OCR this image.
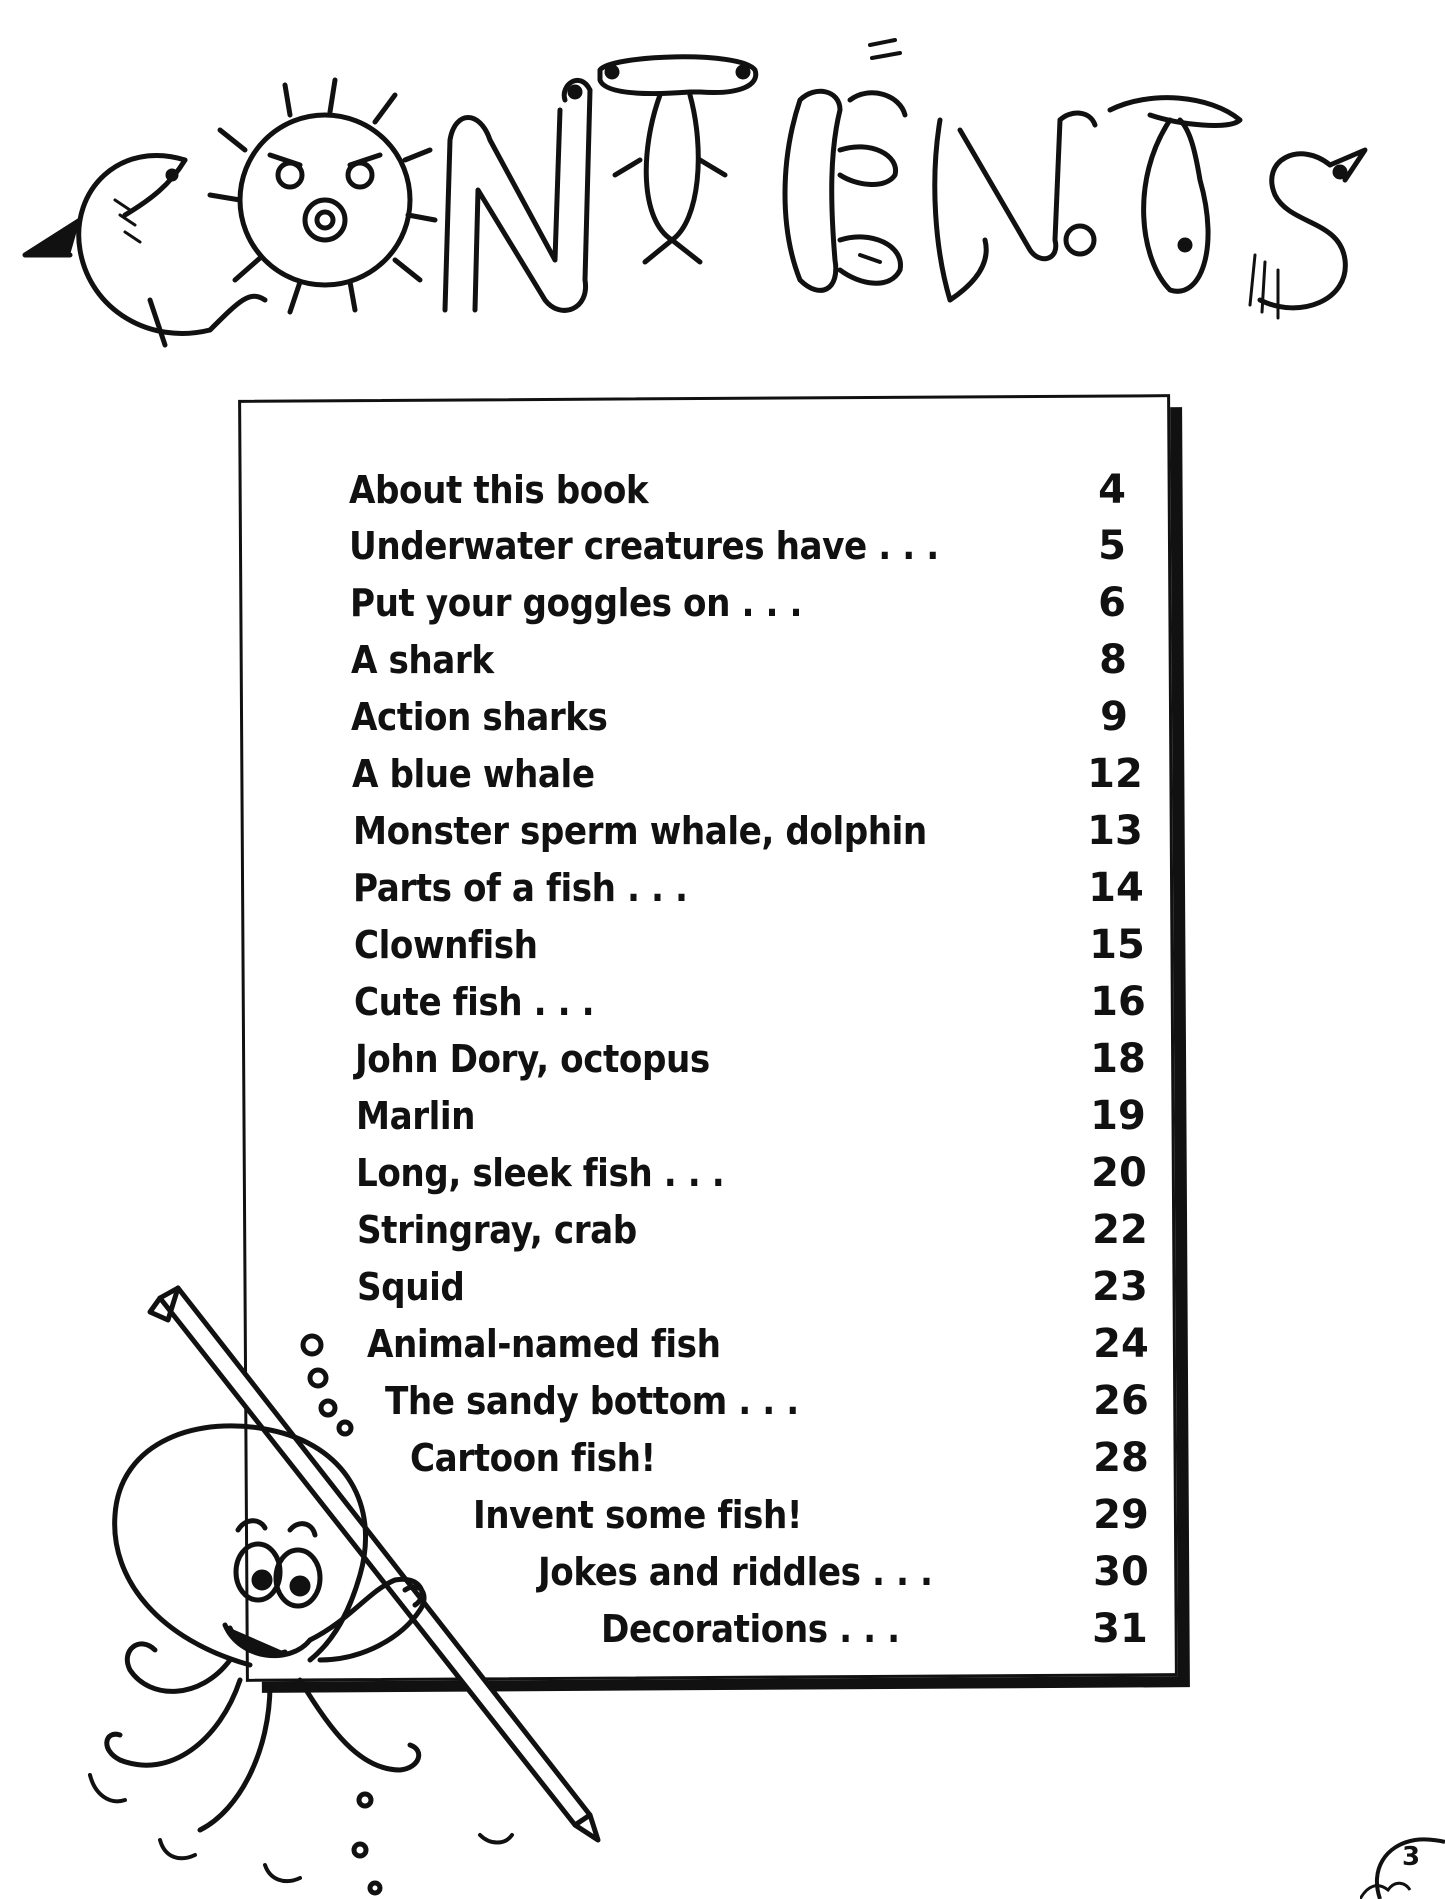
About this book	4
Underwater creatures have . . .	5
Put your goggles on . . .	6
A shark	8
Action sharks	9
A blue whale	12
Monster sperm whale, dolphin	13
Parts of a fish . . .	14
Clownfish	15
Cute fish . . .	16
John Dory, octopus	18
Marlin	19
Long, sleek fish . . .	20
Stringray, crab	22
Squid	23
Animal-named fish	24
The sandy bottom . . .	26
Cartoon fish!	28
Invent some fish!	29
Jokes and riddles . . .	30
Decorations . . .	31
3
